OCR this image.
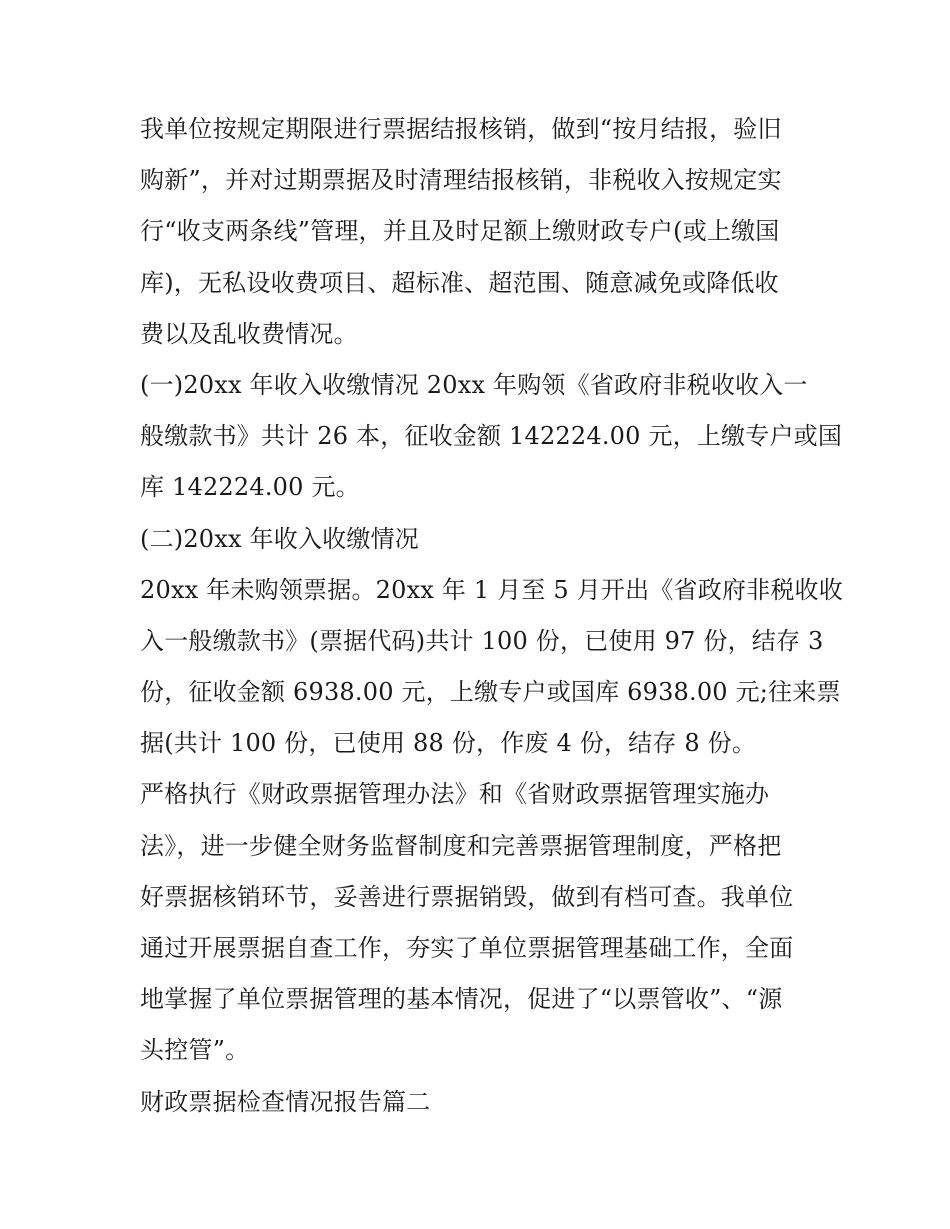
我单位按规定期限进行票据结报核销，做到“按月结报，验旧
购新”，并对过期票据及时清理结报核销，非税收入按规定实
行“收支两条线”管理，并且及时足额上缴财政专户(或上缴国
库)，无私设收费项目、超标准、超范围、随意减免或降低收
费以及乱收费情况。
(一)20xx 年收入收缴情况 20xx 年购领《省政府非税收收入一
般缴款书》共计 26 本，征收金额 142224.00 元，上缴专户或国
库 142224.00 元。
(二)20xx 年收入收缴情况
20xx 年未购领票据。20xx 年 1 月至 5 月开出《省政府非税收收
入一般缴款书》(票据代码)共计 100 份，已使用 97 份，结存 3
份，征收金额 6938.00 元，上缴专户或国库 6938.00 元;往来票
据(共计 100 份，已使用 88 份，作废 4 份，结存 8 份。
严格执行《财政票据管理办法》和《省财政票据管理实施办
法》，进一步健全财务监督制度和完善票据管理制度，严格把
好票据核销环节，妥善进行票据销毁，做到有档可查。我单位
通过开展票据自查工作，夯实了单位票据管理基础工作，全面
地掌握了单位票据管理的基本情况，促进了“以票管收”、“源
头控管”。
财政票据检查情况报告篇二
